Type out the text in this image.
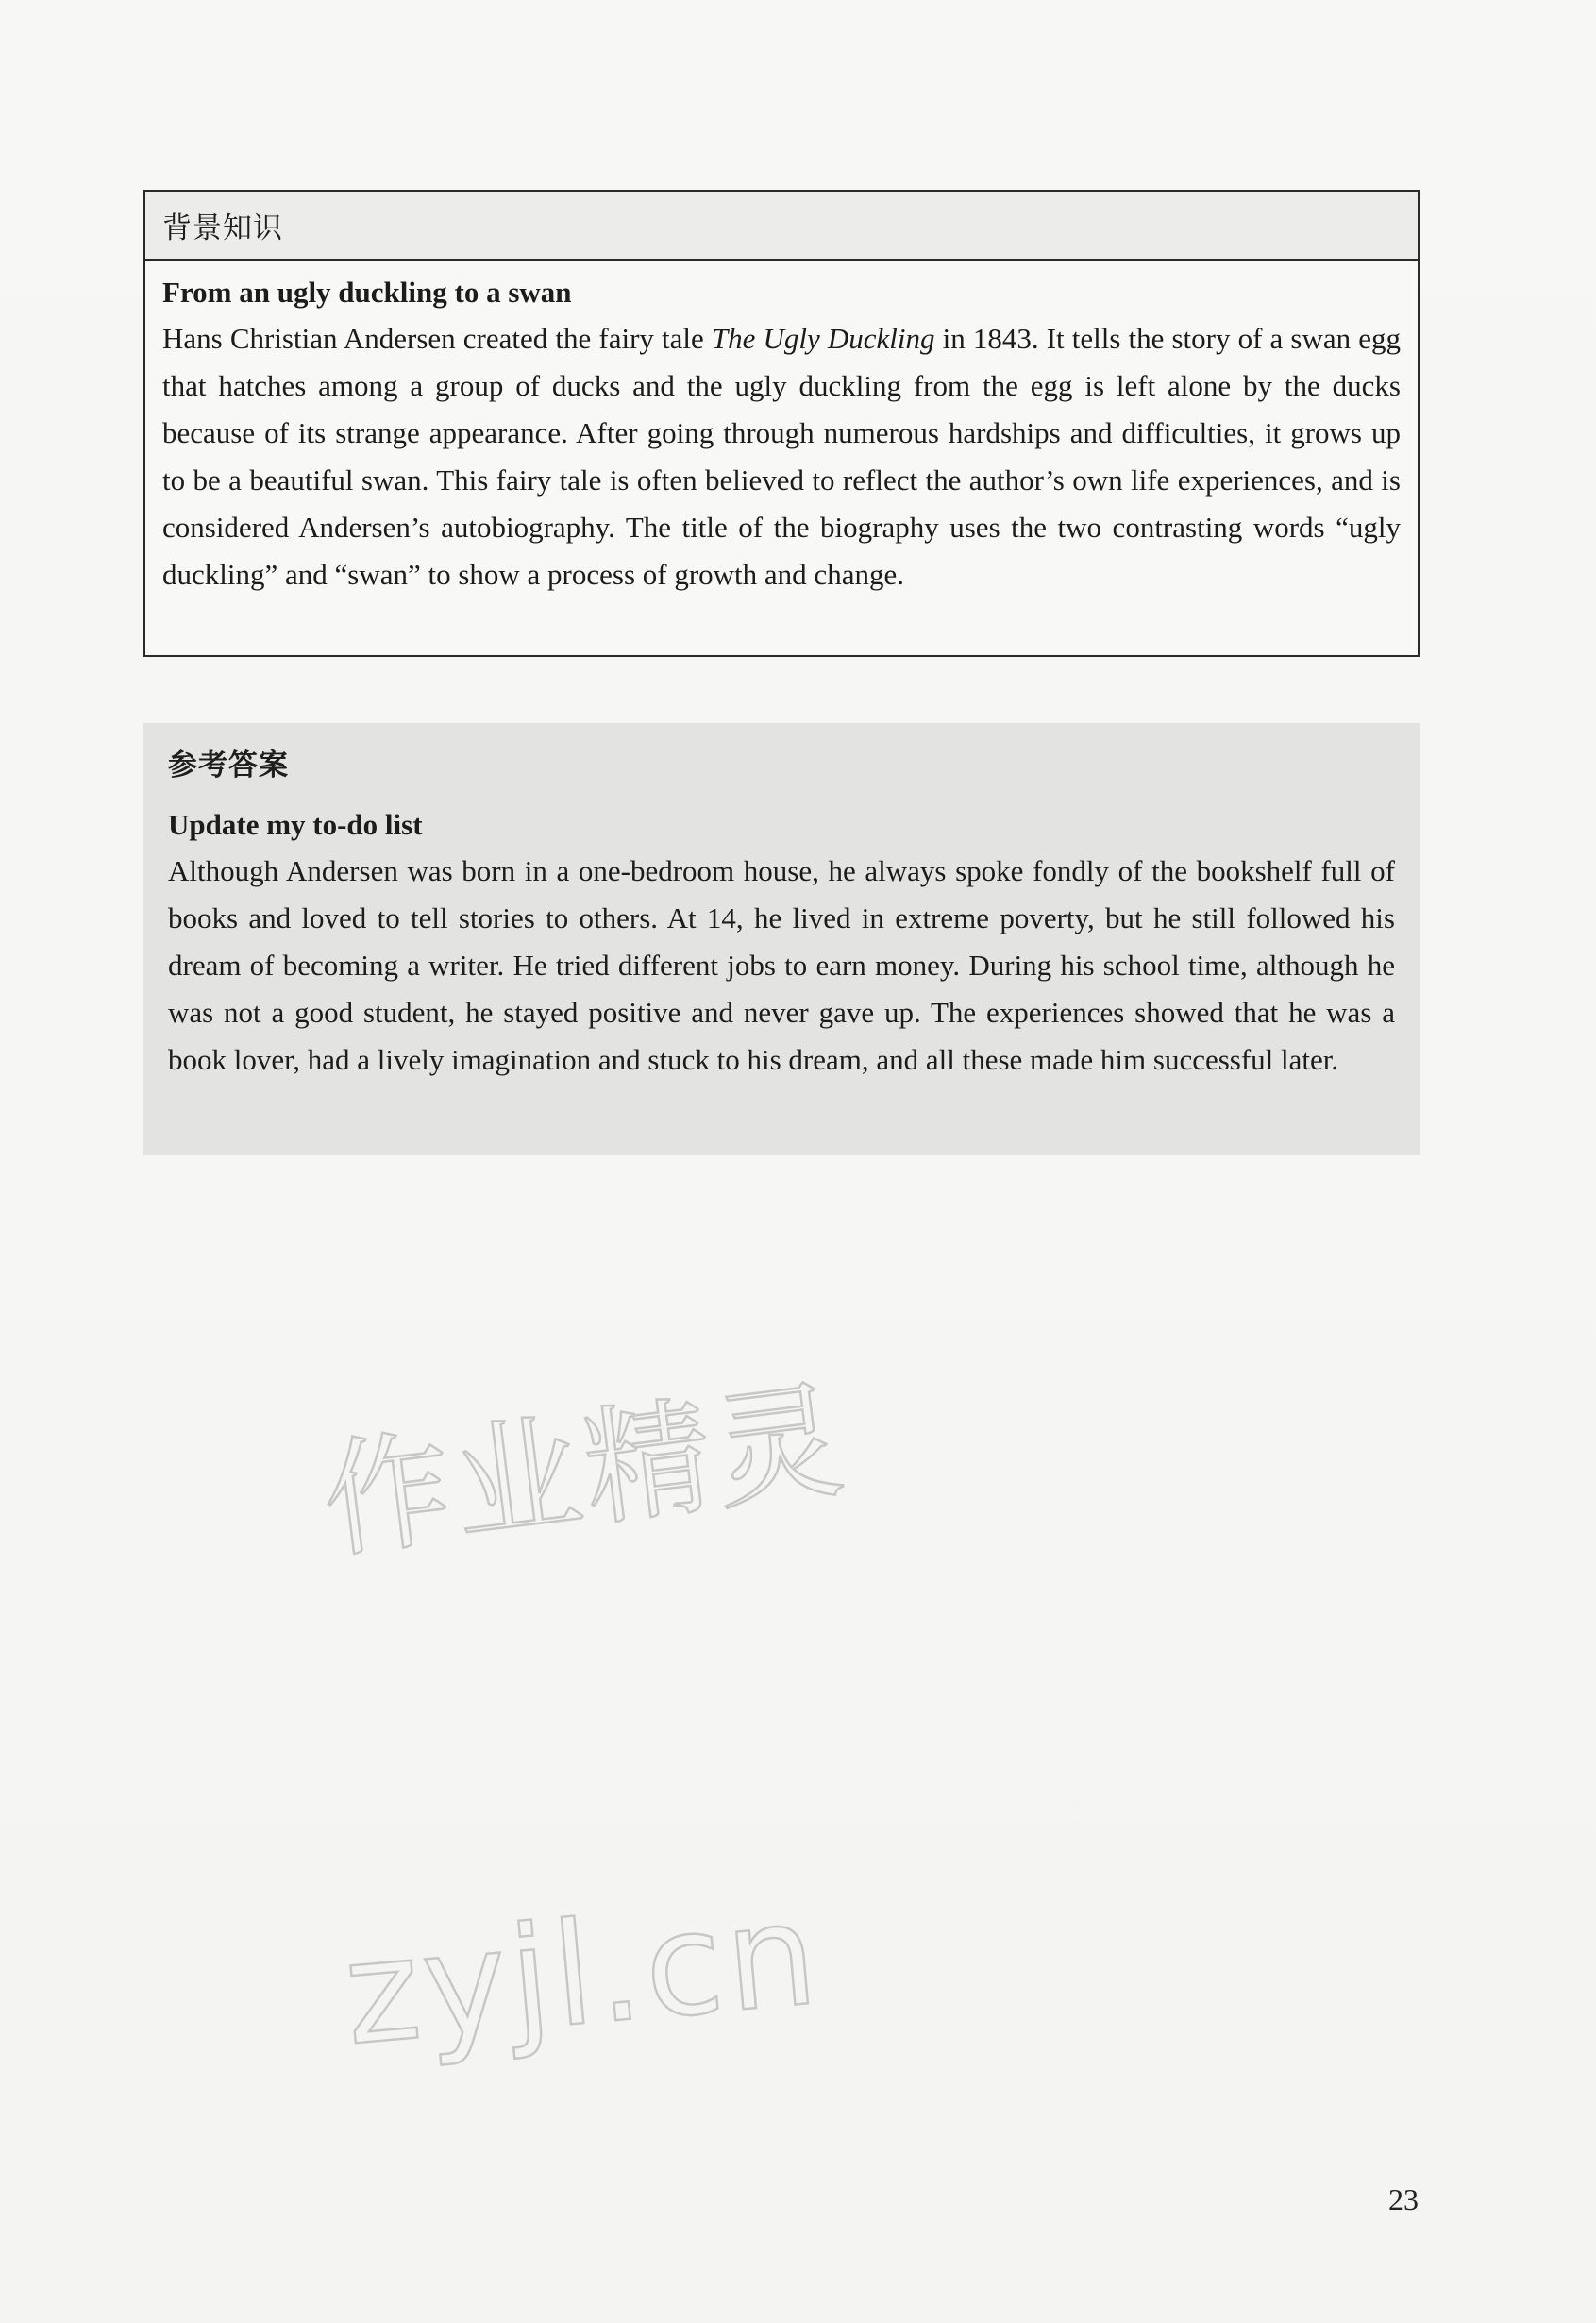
背景知识
From an ugly duckling to a swan

Hans Christian Andersen created the fairy tale The Ugly Duckling in 1843. It tells the story of a swan egg that hatches among a group of ducks and the ugly duckling from the egg is left alone by the ducks because of its strange appearance. After going through numerous hardships and difficulties, it grows up to be a beautiful swan. This fairy tale is often believed to reflect the author’s own life experiences, and is considered Andersen’s autobiography. The title of the biography uses the two contrasting words “ugly duckling” and “swan” to show a process of growth and change.

参考答案
Update my to-do list

Although Andersen was born in a one-bedroom house, he always spoke fondly of the bookshelf full of books and loved to tell stories to others. At 14, he lived in extreme poverty, but he still followed his dream of becoming a writer. He tried different jobs to earn money. During his school time, although he was not a good student, he stayed positive and never gave up. The experiences showed that he was a book lover, had a lively imagination and stuck to his dream, and all these made him successful later.

作业精灵
zyjl.cn
23
